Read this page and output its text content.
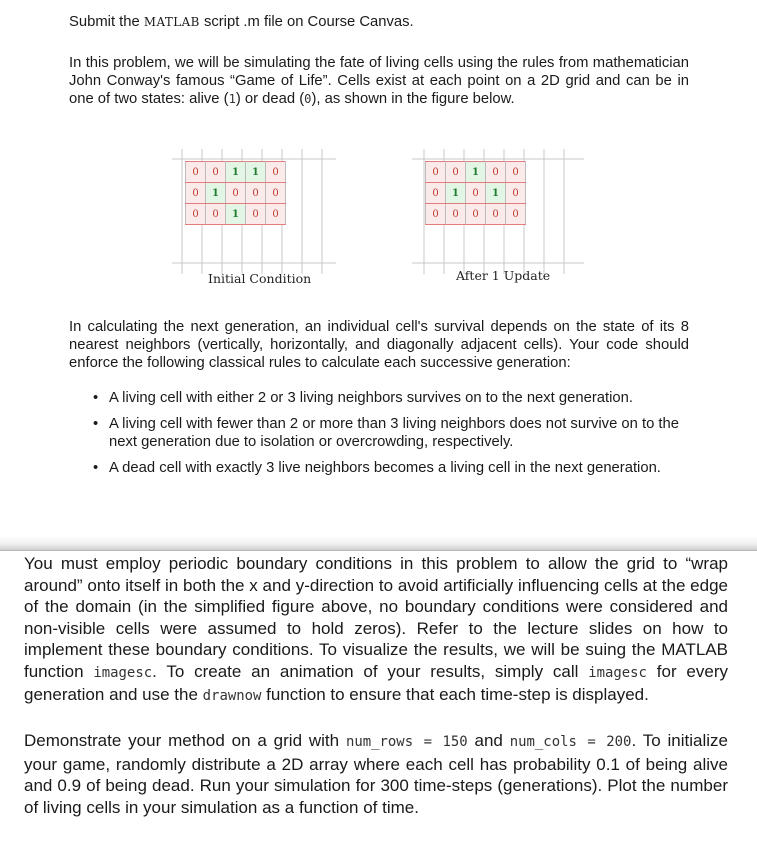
Submit the MATLAB script .m file on Course Canvas.

In this problem, we will be simulating the fate of living cells using the rules from mathematician John Conway's famous “Game of Life”. Cells exist at each point on a 2D grid and can be in one of two states: alive (1) or dead (0), as shown in the figure below.

0	0	1	1	0
0	1	0	0	0
0	0	1	0	0
Initial Condition
0	0	1	0	0
0	1	0	1	0
0	0	0	0	0
After 1 Update

In calculating the next generation, an individual cell's survival depends on the state of its 8 nearest neighbors (vertically, horizontally, and diagonally adjacent cells). Your code should enforce the following classical rules to calculate each successive generation:

• A living cell with either 2 or 3 living neighbors survives on to the next generation.
• A living cell with fewer than 2 or more than 3 living neighbors does not survive on to the next generation due to isolation or overcrowding, respectively.
• A dead cell with exactly 3 live neighbors becomes a living cell in the next generation.

You must employ periodic boundary conditions in this problem to allow the grid to “wrap around” onto itself in both the x and y-direction to avoid artificially influencing cells at the edge of the domain (in the simplified figure above, no boundary conditions were considered and non-visible cells were assumed to hold zeros). Refer to the lecture slides on how to implement these boundary conditions. To visualize the results, we will be suing the MATLAB function imagesc. To create an animation of your results, simply call imagesc for every generation and use the drawnow function to ensure that each time-step is displayed.

Demonstrate your method on a grid with num_rows = 150 and num_cols = 200. To initialize your game, randomly distribute a 2D array where each cell has probability 0.1 of being alive and 0.9 of being dead. Run your simulation for 300 time-steps (generations). Plot the number of living cells in your simulation as a function of time.
